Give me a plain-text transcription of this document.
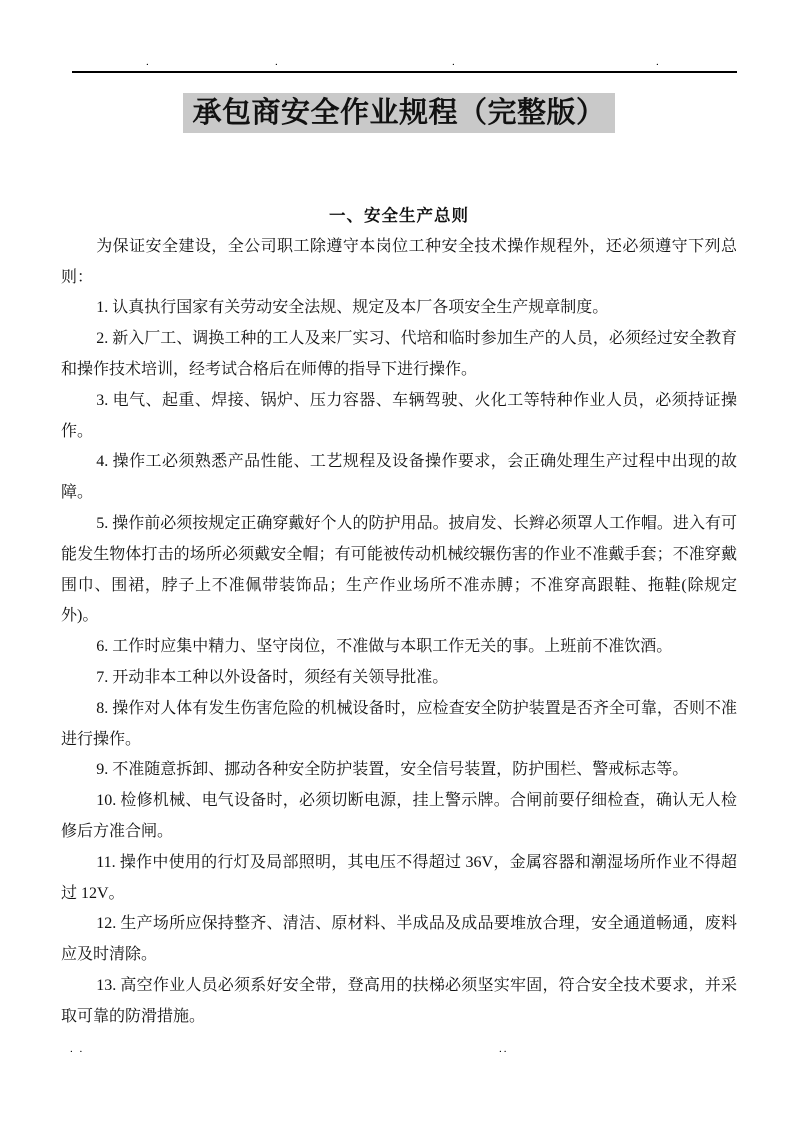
.	.	.	.
承包商安全作业规程（完整版）
一、安全生产总则

为保证安全建设，全公司职工除遵守本岗位工种安全技术操作规程外，还必须遵守下列总则：

1. 认真执行国家有关劳动安全法规、规定及本厂各项安全生产规章制度。

2. 新入厂工、调换工种的工人及来厂实习、代培和临时参加生产的人员，必须经过安全教育和操作技术培训，经考试合格后在师傅的指导下进行操作。

3. 电气、起重、焊接、锅炉、压力容器、车辆驾驶、火化工等特种作业人员，必须持证操作。

4. 操作工必须熟悉产品性能、工艺规程及设备操作要求，会正确处理生产过程中出现的故障。

5. 操作前必须按规定正确穿戴好个人的防护用品。披肩发、长辫必须罩人工作帽。进入有可能发生物体打击的场所必须戴安全帽；有可能被传动机械绞辗伤害的作业不准戴手套；不准穿戴围巾、围裙，脖子上不准佩带装饰品；生产作业场所不准赤膊；不准穿高跟鞋、拖鞋(除规定外)。

6. 工作时应集中精力、坚守岗位，不准做与本职工作无关的事。上班前不准饮酒。

7. 开动非本工种以外设备时，须经有关领导批准。

8. 操作对人体有发生伤害危险的机械设备时，应检查安全防护装置是否齐全可靠，否则不准进行操作。

9. 不准随意拆卸、挪动各种安全防护装置，安全信号装置，防护围栏、警戒标志等。

10. 检修机械、电气设备时，必须切断电源，挂上警示牌。合闸前要仔细检查，确认无人检修后方准合闸。

11. 操作中使用的行灯及局部照明，其电压不得超过 36V，金属容器和潮湿场所作业不得超过 12V。

12. 生产场所应保持整齐、清洁、原材料、半成品及成品要堆放合理，安全通道畅通，废料应及时清除。

13. 高空作业人员必须系好安全带，登高用的扶梯必须坚实牢固，符合安全技术要求，并采取可靠的防滑措施。

. .	..
